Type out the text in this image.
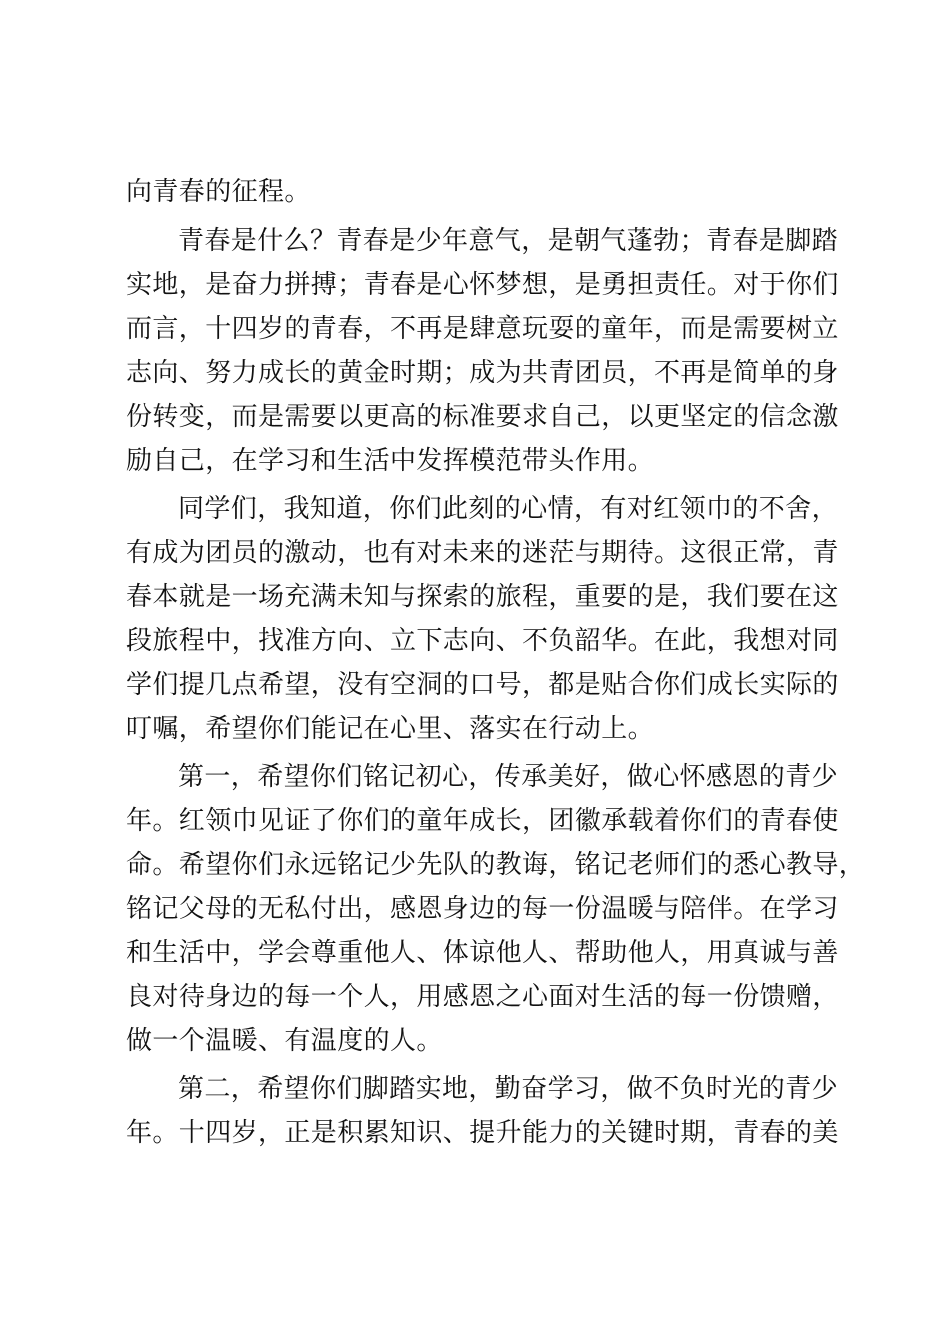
向青春的征程。

青春是什么？青春是少年意气，是朝气蓬勃；青春是脚踏

实地，是奋力拼搏；青春是心怀梦想，是勇担责任。对于你们

而言，十四岁的青春，不再是肆意玩耍的童年，而是需要树立

志向、努力成长的黄金时期；成为共青团员，不再是简单的身

份转变，而是需要以更高的标准要求自己，以更坚定的信念激

励自己，在学习和生活中发挥模范带头作用。

同学们，我知道，你们此刻的心情，有对红领巾的不舍，

有成为团员的激动，也有对未来的迷茫与期待。这很正常，青

春本就是一场充满未知与探索的旅程，重要的是，我们要在这

段旅程中，找准方向、立下志向、不负韶华。在此，我想对同

学们提几点希望，没有空洞的口号，都是贴合你们成长实际的

叮嘱，希望你们能记在心里、落实在行动上。

第一，希望你们铭记初心，传承美好，做心怀感恩的青少

年。红领巾见证了你们的童年成长，团徽承载着你们的青春使

命。希望你们永远铭记少先队的教诲，铭记老师们的悉心教导，

铭记父母的无私付出，感恩身边的每一份温暖与陪伴。在学习

和生活中，学会尊重他人、体谅他人、帮助他人，用真诚与善

良对待身边的每一个人，用感恩之心面对生活的每一份馈赠，

做一个温暖、有温度的人。

第二，希望你们脚踏实地，勤奋学习，做不负时光的青少

年。十四岁，正是积累知识、提升能力的关键时期，青春的美
